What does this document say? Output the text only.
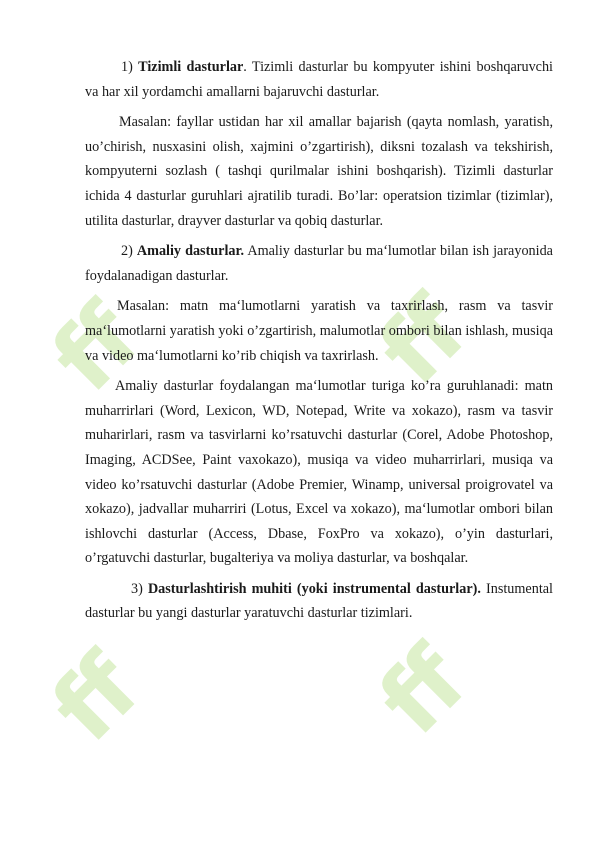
ff ff
ff ff

1) Tizimli dasturlar. Tizimli dasturlar bu kompyuter ishini boshqaruvchi va har xil yordamchi amallarni bajaruvchi dasturlar.

Masalan: fayllar ustidan har xil amallar bajarish (qayta nomlash, yaratish, uo’chirish, nusxasini olish, xajmini o’zgartirish), diksni tozalash va tekshirish, kompyuterni sozlash ( tashqi qurilmalar ishini boshqarish). Tizimli dasturlar ichida 4 dasturlar guruhlari ajratilib turadi. Bo’lar: operatsion tizimlar (tizimlar), utilita dasturlar, drayver dasturlar va qobiq dasturlar.

2) Amaliy dasturlar. Amaliy dasturlar bu ma‘lumotlar bilan ish jarayonida foydalanadigan dasturlar.

Masalan: matn ma‘lumotlarni yaratish va taxrirlash, rasm va tasvir ma‘lumotlarni yaratish yoki o’zgartirish, malumotlar ombori bilan ishlash, musiqa va video ma‘lumotlarni ko’rib chiqish va taxrirlash.

Amaliy dasturlar foydalangan ma‘lumotlar turiga ko’ra guruhlanadi: matn muharrirlari (Word, Lexicon, WD, Notepad, Write va xokazo), rasm va tasvir muharirlari, rasm va tasvirlarni ko’rsatuvchi dasturlar (Corel, Adobe Photoshop, Imaging, ACDSee, Paint vaxokazo), musiqa va video muharrirlari, musiqa va video ko’rsatuvchi dasturlar (Adobe Premier, Winamp, universal proigrovatel va xokazo), jadvallar muharriri (Lotus, Excel va xokazo), ma‘lumotlar ombori bilan ishlovchi dasturlar (Access, Dbase, FoxPro va xokazo), o’yin dasturlari, o’rgatuvchi dasturlar, bugalteriya va moliya dasturlar, va boshqalar.

3) Dasturlashtirish muhiti (yoki instrumental dasturlar). Instumental dasturlar bu yangi dasturlar yaratuvchi dasturlar tizimlari.
